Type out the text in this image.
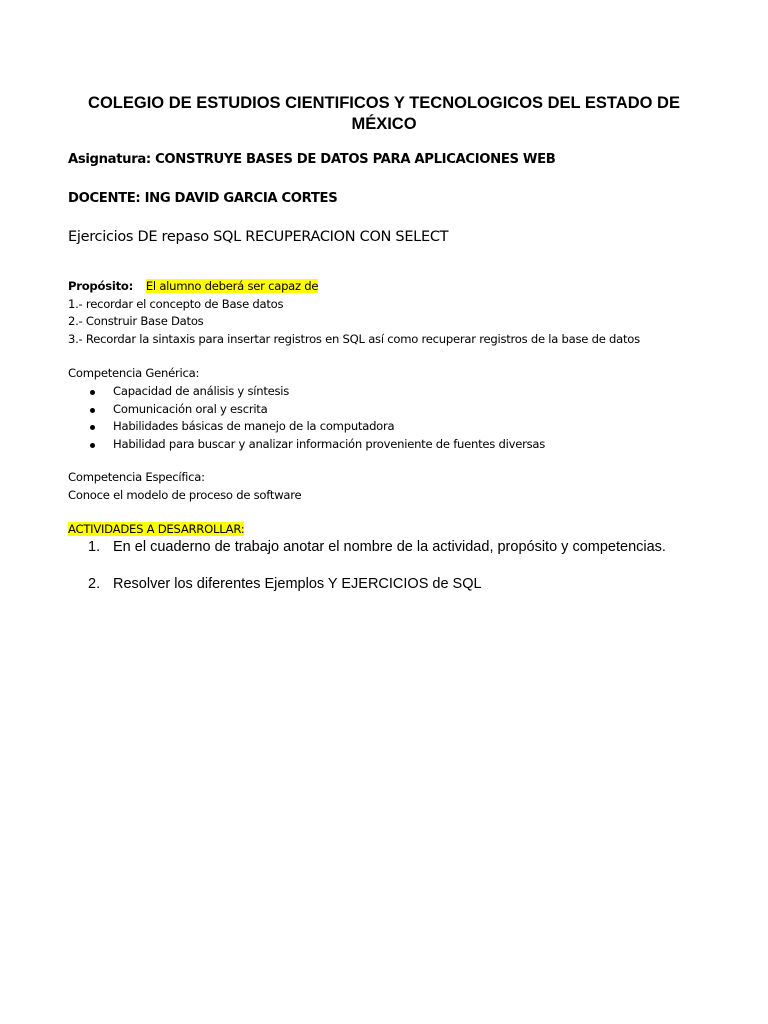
COLEGIO DE ESTUDIOS CIENTIFICOS Y TECNOLOGICOS DEL ESTADO DE MÉXICO
Asignatura: CONSTRUYE BASES DE DATOS PARA APLICACIONES WEB
DOCENTE: ING DAVID GARCIA CORTES
Ejercicios DE repaso SQL RECUPERACION CON SELECT
Propósito: El alumno deberá ser capaz de
1.- recordar el concepto de Base datos
2.- Construir Base Datos
3.- Recordar la sintaxis para insertar registros en SQL así como recuperar registros de la base de datos
Competencia Genérica:
Capacidad de análisis y síntesis
Comunicación oral y escrita
Habilidades básicas de manejo de la computadora
Habilidad para buscar y analizar información proveniente de fuentes diversas
Competencia Específica:
Conoce el modelo de proceso de software
ACTIVIDADES A DESARROLLAR:
1. En el cuaderno de trabajo anotar el nombre de la actividad, propósito y competencias.
2. Resolver los diferentes Ejemplos Y EJERCICIOS de SQL
